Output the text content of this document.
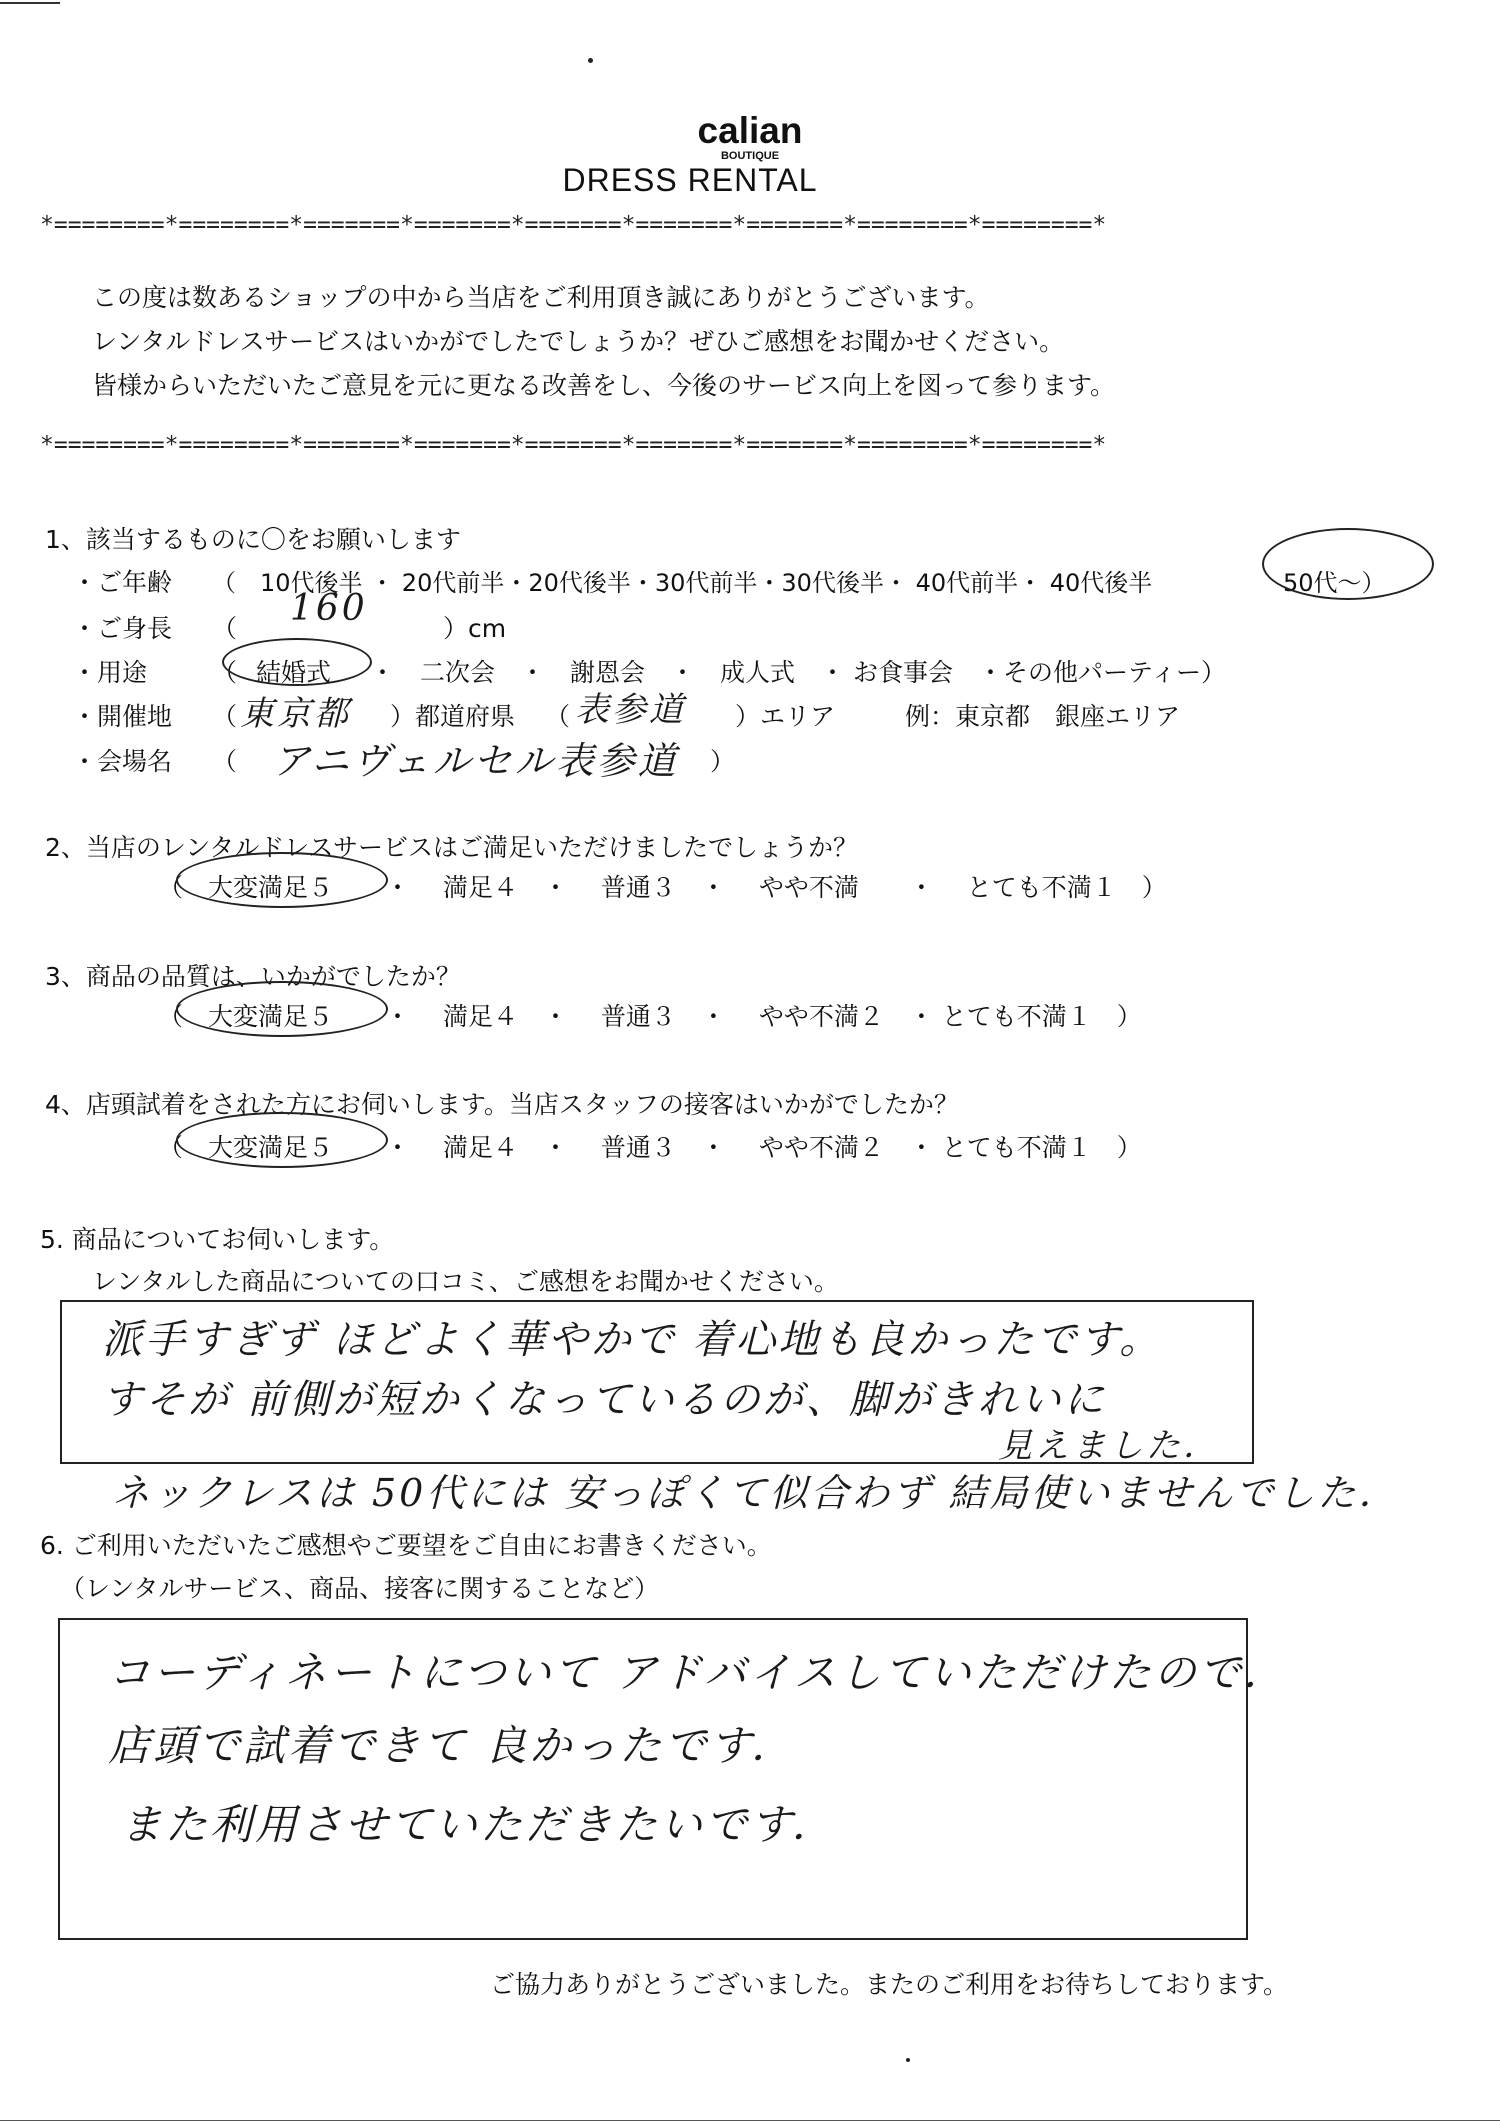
calian
BOUTIQUE
DRESS RENTAL
*========*========*=======*=======*=======*=======*=======*========*========*
この度は数あるショップの中から当店をご利用頂き誠にありがとうございます。
レンタルドレスサービスはいかがでしたでしょうか？ぜひご感想をお聞かせください。
皆様からいただいたご意見を元に更なる改善をし、今後のサービス向上を図って参ります。
*========*========*=======*=======*=======*=======*=======*========*========*
1、該当するものに〇をお願いします
・ご年齢 （　10代後半 ・ 20代前半・20代後半・30代前半・30代後半・ 40代前半・ 40代後半	50代～）
・ご身長 （ 160	）cm
・用途	（ 結婚式 ・　二次会　・　謝恩会　・　成人式　・ お食事会　・その他パーティー）
・開催地 （ 東京都 ）都道府県 （ 表参道 ）エリア	例：東京都　銀座エリア
・会場名 （ アニヴェルセル表参道 ）
2、当店のレンタルドレスサービスはご満足いただけましたでしょうか？
（ 大変満足５ ・　 満足４　・　 普通３　・　 やや不満　　・　 とても不満１　）
3、商品の品質は、いかがでしたか？
（ 大変満足５ ・　 満足４　・　 普通３　・　 やや不満２　・ とても不満１　）
4、店頭試着をされた方にお伺いします。当店スタッフの接客はいかがでしたか？
（ 大変満足５ ・　 満足４　・　 普通３　・　 やや不満２　・ とても不満１　）
5. 商品についてお伺いします。
レンタルした商品についての口コミ、ご感想をお聞かせください。
派手すぎず ほどよく華やかで 着心地も良かったです。
すそが 前側が短かくなっているのが、脚がきれいに
見えました．
ネックレスは 50代には 安っぽくて似合わず 結局使いませんでした．
6. ご利用いただいたご感想やご要望をご自由にお書きください。
（レンタルサービス、商品、接客に関することなど）
コーディネートについて アドバイスしていただけたので．
店頭で試着できて 良かったです．
また利用させていただきたいです．
ご協力ありがとうございました。またのご利用をお待ちしております。
